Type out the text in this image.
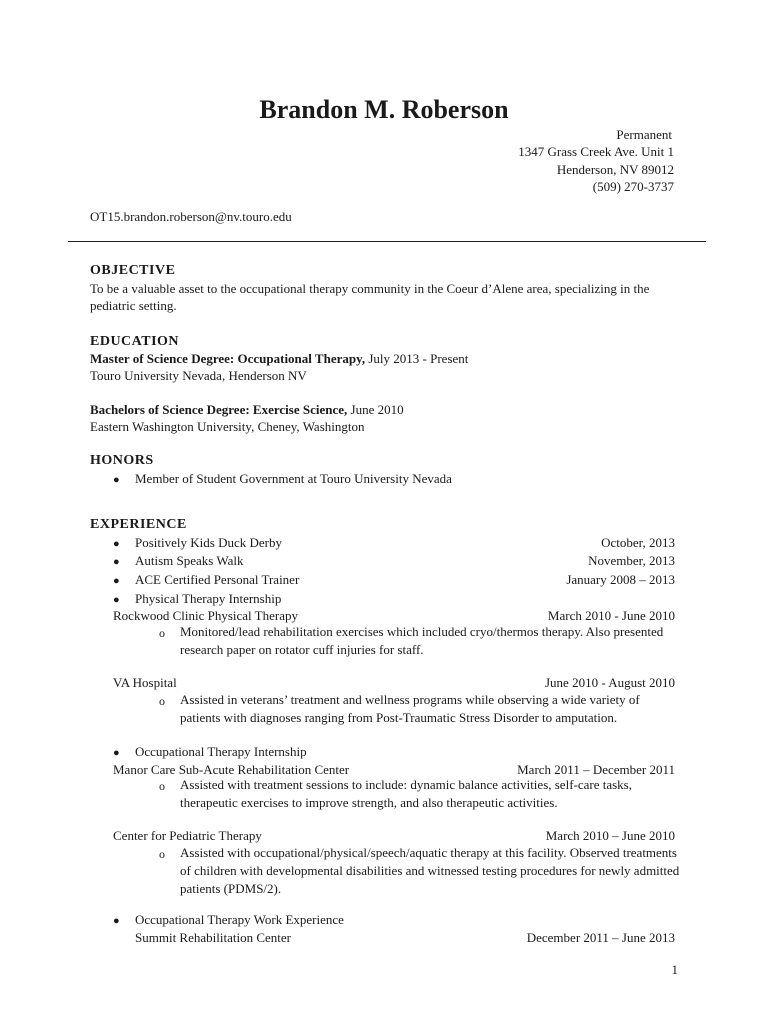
Brandon M. Roberson
Permanent
1347 Grass Creek Ave. Unit 1
Henderson, NV 89012
(509) 270-3737
OT15.brandon.roberson@nv.touro.edu
OBJECTIVE
To be a valuable asset to the occupational therapy community in the Coeur d’Alene area, specializing in the pediatric setting.
EDUCATION
Master of Science Degree: Occupational Therapy, July 2013 - Present
Touro University Nevada, Henderson NV
Bachelors of Science Degree: Exercise Science, June 2010
Eastern Washington University, Cheney, Washington
HONORS
● Member of Student Government at Touro University Nevada
EXPERIENCE
● Positively Kids Duck Derby	October, 2013
● Autism Speaks Walk	November, 2013
● ACE Certified Personal Trainer	January 2008 – 2013
● Physical Therapy Internship
Rockwood Clinic Physical Therapy	March 2010 - June 2010
o Monitored/lead rehabilitation exercises which included cryo/thermos therapy. Also presented research paper on rotator cuff injuries for staff.
VA Hospital	June 2010 - August 2010
o Assisted in veterans’ treatment and wellness programs while observing a wide variety of patients with diagnoses ranging from Post-Traumatic Stress Disorder to amputation.
● Occupational Therapy Internship
Manor Care Sub-Acute Rehabilitation Center	March 2011 – December 2011
o Assisted with treatment sessions to include: dynamic balance activities, self-care tasks, therapeutic exercises to improve strength, and also therapeutic activities.
Center for Pediatric Therapy	March 2010 – June 2010
o Assisted with occupational/physical/speech/aquatic therapy at this facility. Observed treatments of children with developmental disabilities and witnessed testing procedures for newly admitted patients (PDMS/2).
● Occupational Therapy Work Experience
Summit Rehabilitation Center	December 2011 – June 2013
1
